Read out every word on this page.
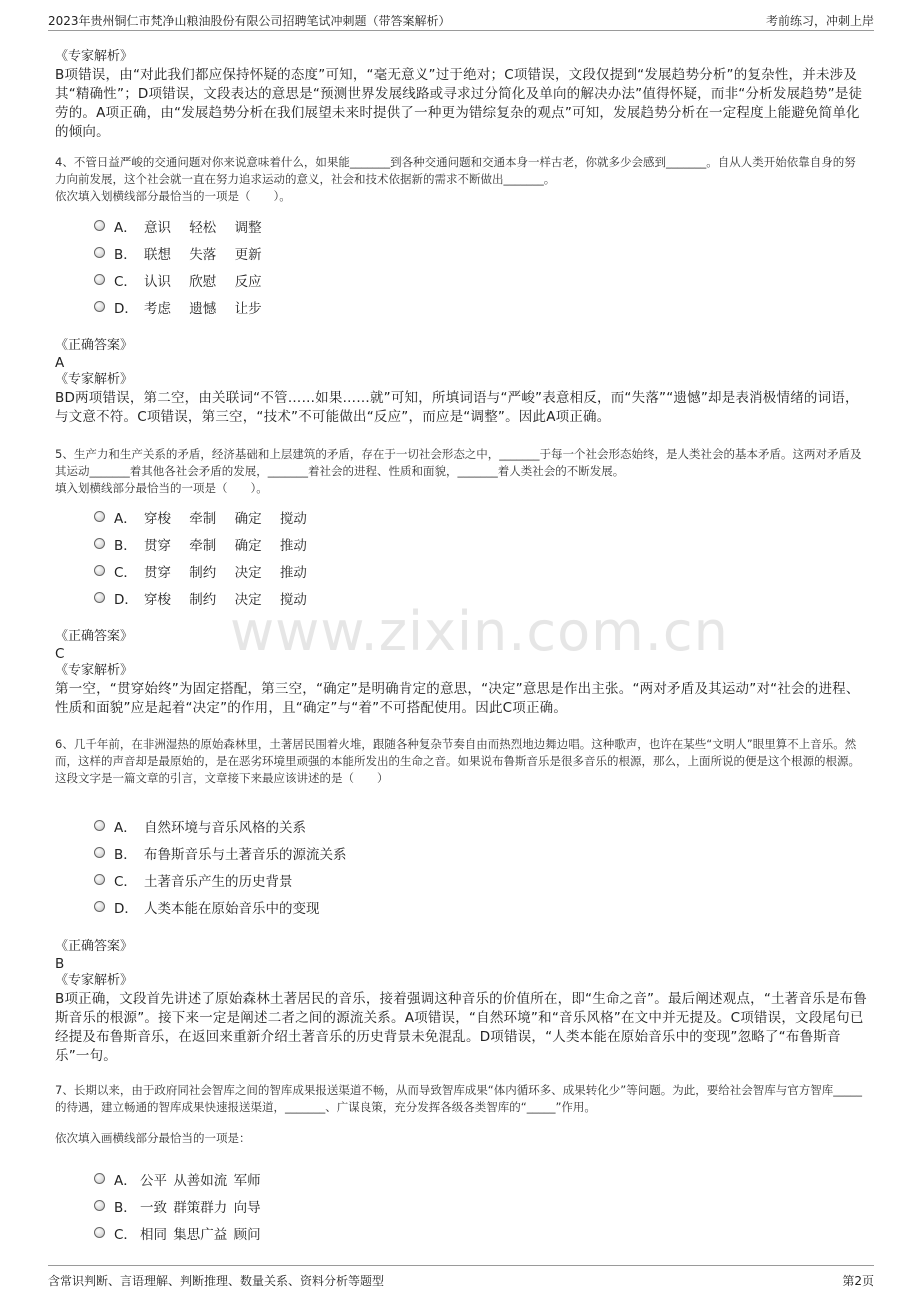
2023年贵州铜仁市梵净山粮油股份有限公司招聘笔试冲刺题（带答案解析）	考前练习，冲刺上岸
www.zixin.com.cn
《专家解析》
B项错误，由“对此我们都应保持怀疑的态度”可知，“毫无意义”过于绝对；C项错误，文段仅提到“发展趋势分析”的复杂性，并未涉及其“精确性”；D项错误，文段表达的意思是“预测世界发展线路或寻求过分简化及单向的解决办法”值得怀疑，而非“分析发展趋势”是徒劳的。A项正确，由“发展趋势分析在我们展望未来时提供了一种更为错综复杂的观点”可知，发展趋势分析在一定程度上能避免简单化的倾向。
4、不管日益严峻的交通问题对你来说意味着什么，如果能_______到各种交通问题和交通本身一样古老，你就多少会感到_______。自从人类开始依靠自身的努力向前发展，这个社会就一直在努力追求运动的意义，社会和技术依据新的需求不断做出_______。
依次填入划横线部分最恰当的一项是（　　）。
A． 意识 轻松 调整
B． 联想 失落 更新
C． 认识 欣慰 反应
D． 考虑 遗憾 让步
《正确答案》
A
《专家解析》
BD两项错误，第二空，由关联词“不管……如果……就”可知，所填词语与“严峻”表意相反，而“失落”“遗憾”却是表消极情绪的词语，与文意不符。C项错误，第三空，“技术”不可能做出“反应”，而应是“调整”。因此A项正确。
5、生产力和生产关系的矛盾，经济基础和上层建筑的矛盾，存在于一切社会形态之中，_______于每一个社会形态始终，是人类社会的基本矛盾。这两对矛盾及其运动_______着其他各社会矛盾的发展，_______着社会的进程、性质和面貌，_______着人类社会的不断发展。
填入划横线部分最恰当的一项是（　　）。
A． 穿梭 牵制 确定 搅动
B． 贯穿 牵制 确定 推动
C． 贯穿 制约 决定 推动
D． 穿梭 制约 决定 搅动
《正确答案》
C
《专家解析》
第一空，“贯穿始终”为固定搭配，第三空，“确定”是明确肯定的意思，“决定”意思是作出主张。“两对矛盾及其运动”对“社会的进程、性质和面貌”应是起着“决定”的作用，且“确定”与“着”不可搭配使用。因此C项正确。
6、几千年前，在非洲湿热的原始森林里，土著居民围着火堆，跟随各种复杂节奏自由而热烈地边舞边唱。这种歌声，也许在某些“文明人”眼里算不上音乐。然而，这样的声音却是最原始的，是在恶劣环境里顽强的本能所发出的生命之音。如果说布鲁斯音乐是很多音乐的根源，那么，上面所说的便是这个根源的根源。
这段文字是一篇文章的引言，文章接下来最应该讲述的是（　　）
A． 自然环境与音乐风格的关系
B． 布鲁斯音乐与土著音乐的源流关系
C． 土著音乐产生的历史背景
D． 人类本能在原始音乐中的变现
《正确答案》
B
《专家解析》
B项正确，文段首先讲述了原始森林土著居民的音乐，接着强调这种音乐的价值所在，即“生命之音”。最后阐述观点，“土著音乐是布鲁斯音乐的根源”。接下来一定是阐述二者之间的源流关系。A项错误，“自然环境”和“音乐风格”在文中并无提及。C项错误，文段尾句已经提及布鲁斯音乐，在返回来重新介绍土著音乐的历史背景未免混乱。D项错误，“人类本能在原始音乐中的变现”忽略了“布鲁斯音乐”一句。
7、长期以来，由于政府同社会智库之间的智库成果报送渠道不畅，从而导致智库成果“体内循环多、成果转化少”等问题。为此，要给社会智库与官方智库_____的待遇，建立畅通的智库成果快速报送渠道，_______、广谋良策，充分发挥各级各类智库的“_____”作用。
依次填入画横线部分最恰当的一项是：
A． 公平 从善如流 军师
B． 一致 群策群力 向导
C． 相同 集思广益 顾问
含常识判断、言语理解、判断推理、数量关系、资料分析等题型	第2页
